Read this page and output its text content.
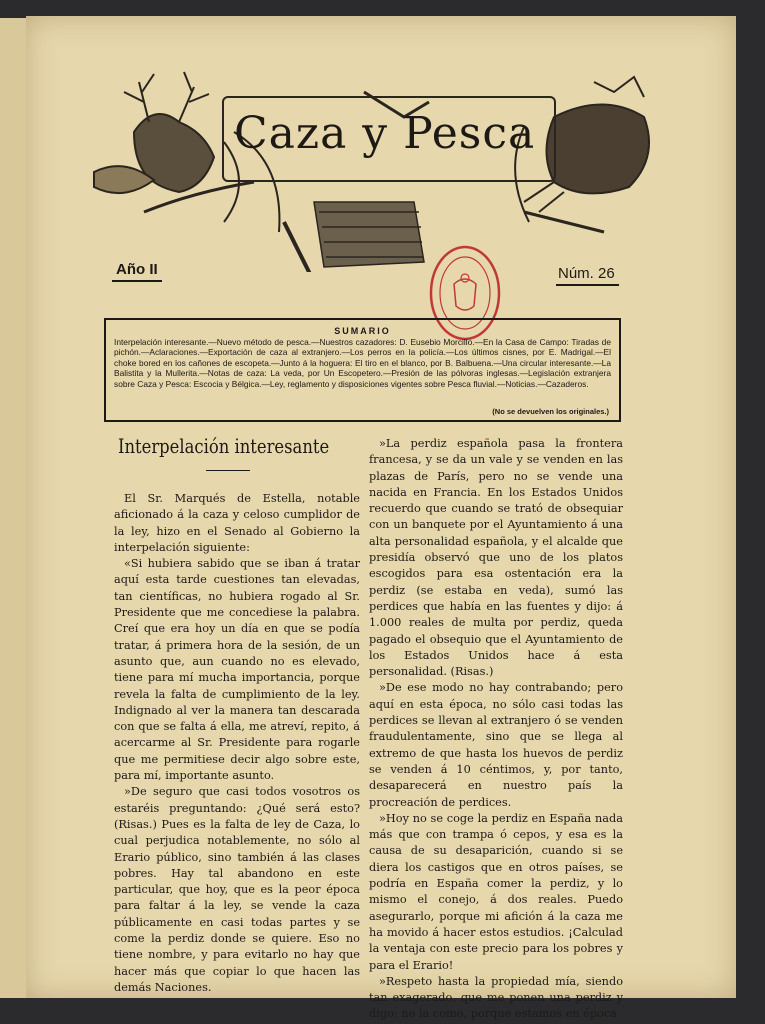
Caza y Pesca
Año II	Núm. 26
SUMARIO
Interpelación interesante.—Nuevo método de pesca.—Nuestros cazadores: D. Eusebio Morcillo.—En la Casa de Campo: Tiradas de pichón.—Aclaraciones.—Exportación de caza al extranjero.—Los perros en la policía.—Los últimos cisnes, por E. Madrigal.—El choke bored en los cañones de escopeta.—Junto á la hoguera: El tiro en el blanco, por B. Balbuena.—Una circular interesante.—La Balistita y la Mullerita.—Notas de caza: La veda, por Un Escopetero.—Presión de las pólvoras inglesas.—Legislación extranjera sobre Caza y Pesca: Escocia y Bélgica.—Ley, reglamento y disposiciones vigentes sobre Pesca fluvial.—Noticias.—Cazaderos.
(No se devuelven los originales.)
Interpelación interesante

El Sr. Marqués de Estella, notable aficionado á la caza y celoso cumplidor de la ley, hizo en el Senado al Gobierno la interpelación siguiente:

«Si hubiera sabido que se iban á tratar aquí esta tarde cuestiones tan elevadas, tan científicas, no hubiera rogado al Sr. Presidente que me concediese la palabra. Creí que era hoy un día en que se podía tratar, á primera hora de la sesión, de un asunto que, aun cuando no es elevado, tiene para mí mucha importancia, porque revela la falta de cumplimiento de la ley. Indignado al ver la manera tan descarada con que se falta á ella, me atreví, repito, á acercarme al Sr. Presidente para rogarle que me permitiese decir algo sobre este, para mí, importante asunto.

»De seguro que casi todos vosotros os estaréis preguntando: ¿Qué será esto? (Risas.) Pues es la falta de ley de Caza, lo cual perjudica notablemente, no sólo al Erario público, sino también á las clases pobres. Hay tal abandono en este particular, que hoy, que es la peor época para faltar á la ley, se vende la caza públicamente en casi todas partes y se come la perdiz donde se quiere. Eso no tiene nombre, y para evitarlo no hay que hacer más que copiar lo que hacen las demás Naciones.

»La perdiz española pasa la frontera francesa, y se da un vale y se venden en las plazas de París, pero no se vende una nacida en Francia. En los Estados Unidos recuerdo que cuando se trató de obsequiar con un banquete por el Ayuntamiento á una alta personalidad española, y el alcalde que presidía observó que uno de los platos escogidos para esa ostentación era la perdiz (se estaba en veda), sumó las perdices que había en las fuentes y dijo: á 1.000 reales de multa por perdiz, queda pagado el obsequio que el Ayuntamiento de los Estados Unidos hace á esta personalidad. (Risas.)

»De ese modo no hay contrabando; pero aquí en esta época, no sólo casi todas las perdices se llevan al extranjero ó se venden fraudulentamente, sino que se llega al extremo de que hasta los huevos de perdiz se venden á 10 céntimos, y, por tanto, desaparecerá en nuestro país la procreación de perdices.

»Hoy no se coge la perdiz en España nada más que con trampa ó cepos, y esa es la causa de su desaparición, cuando si se diera los castigos que en otros países, se podría en España comer la perdiz, y lo mismo el conejo, á dos reales. Puedo asegurarlo, porque mi afición á la caza me ha movido á hacer estos estudios. ¡Calculad la ventaja con este precio para los pobres y para el Erario!

»Respeto hasta la propiedad mía, siendo tan exagerado, que me ponen una perdiz y digo: no la como, porque estamos en época
